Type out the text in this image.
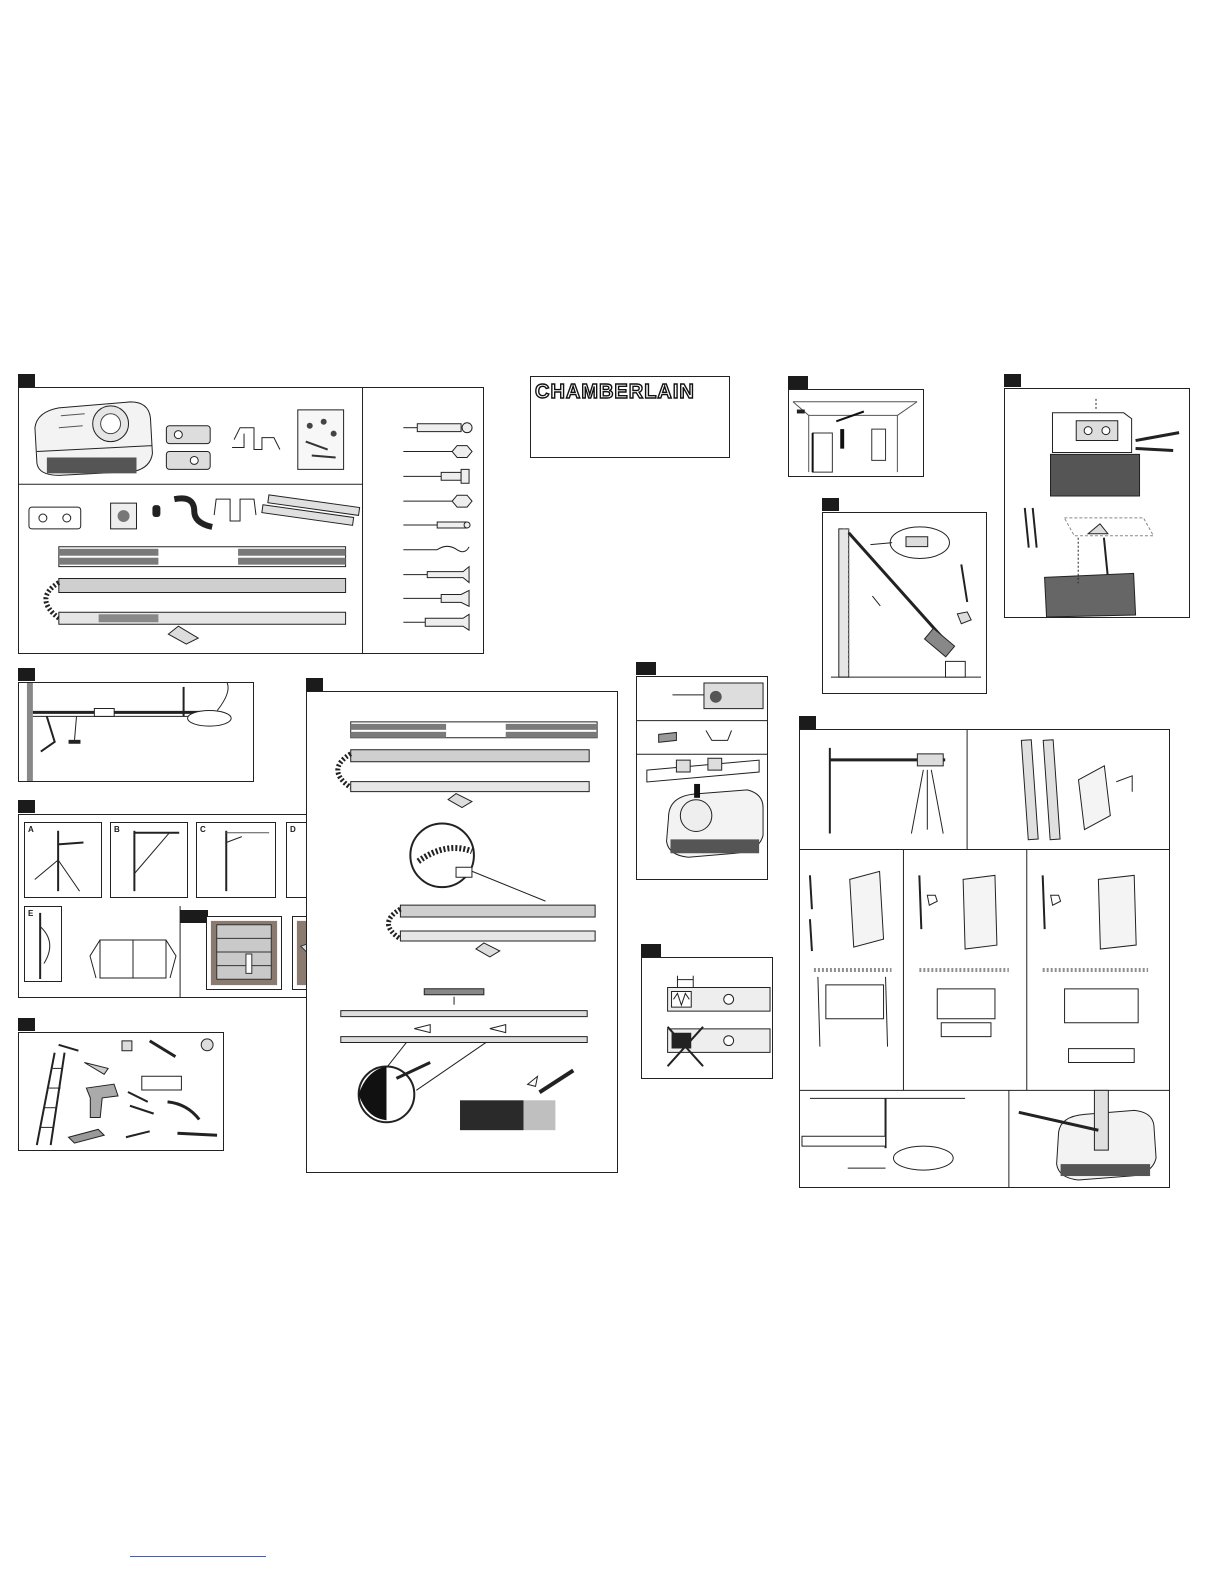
CHAMBERLAIN
A	B	C	D
E
